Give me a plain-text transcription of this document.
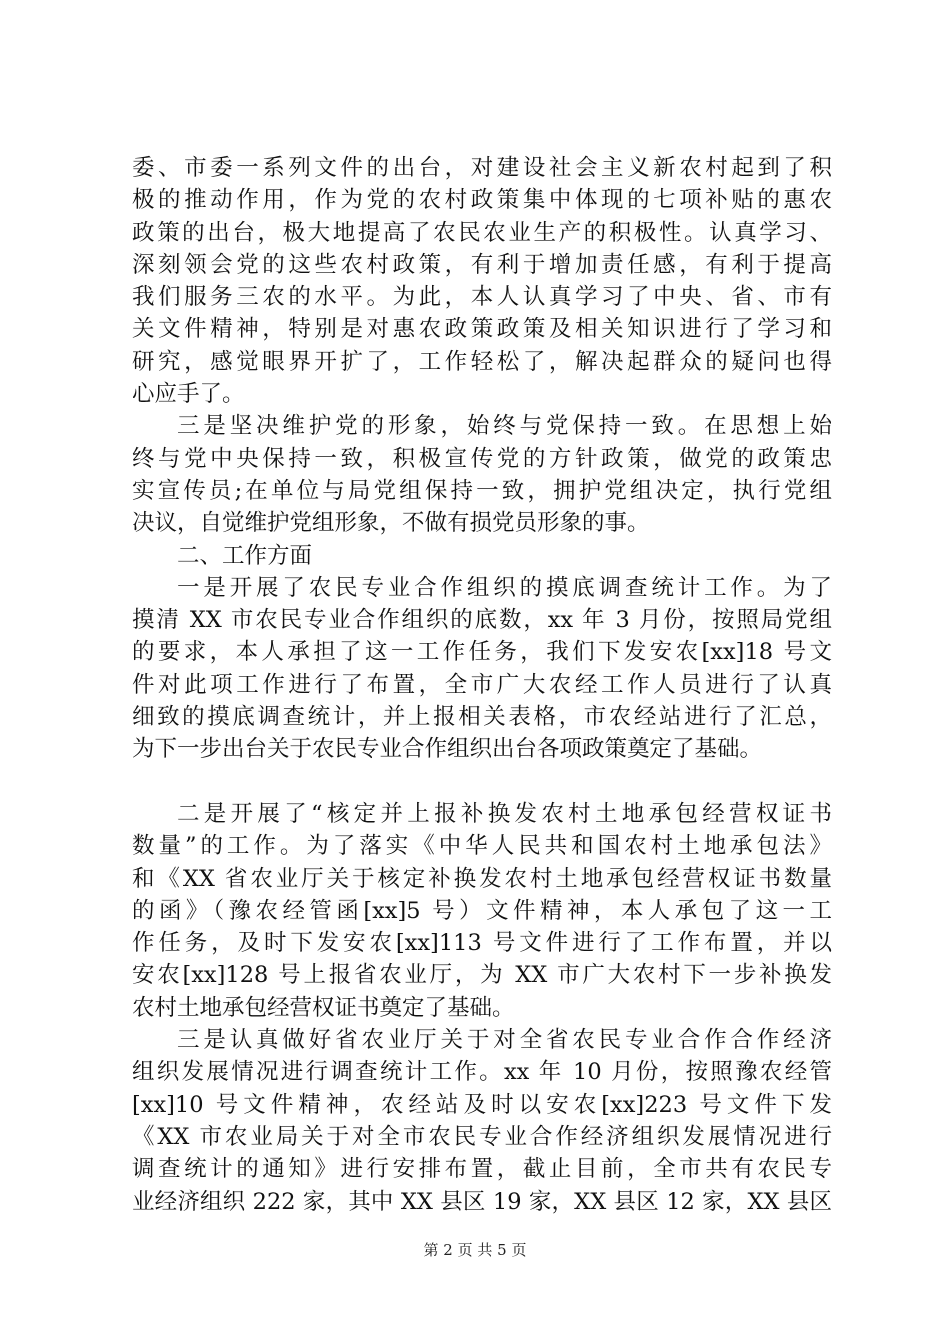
委、市委一系列文件的出台，对建设社会主义新农村起到了积
极的推动作用，作为党的农村政策集中体现的七项补贴的惠农
政策的出台，极大地提高了农民农业生产的积极性。认真学习、
深刻领会党的这些农村政策，有利于增加责任感，有利于提高
我们服务三农的水平。为此，本人认真学习了中央、省、市有
关文件精神，特别是对惠农政策政策及相关知识进行了学习和
研究，感觉眼界开扩了，工作轻松了，解决起群众的疑问也得
心应手了。
三是坚决维护党的形象，始终与党保持一致。在思想上始
终与党中央保持一致，积极宣传党的方针政策，做党的政策忠
实宣传员;在单位与局党组保持一致，拥护党组决定，执行党组
决议，自觉维护党组形象，不做有损党员形象的事。
二、工作方面
一是开展了农民专业合作组织的摸底调查统计工作。为了
摸清 XX 市农民专业合作组织的底数，xx 年 3 月份，按照局党组
的要求，本人承担了这一工作任务，我们下发安农[xx]18 号文
件对此项工作进行了布置，全市广大农经工作人员进行了认真
细致的摸底调查统计，并上报相关表格，市农经站进行了汇总，
为下一步出台关于农民专业合作组织出台各项政策奠定了基础。
二是开展了“核定并上报补换发农村土地承包经营权证书
数量”的工作。为了落实《中华人民共和国农村土地承包法》
和《XX 省农业厅关于核定补换发农村土地承包经营权证书数量
的函》（豫农经管函[xx]5 号）文件精神，本人承包了这一工
作任务，及时下发安农[xx]113 号文件进行了工作布置，并以
安农[xx]128 号上报省农业厅，为 XX 市广大农村下一步补换发
农村土地承包经营权证书奠定了基础。
三是认真做好省农业厅关于对全省农民专业合作合作经济
组织发展情况进行调查统计工作。xx 年 10 月份，按照豫农经管
[xx]10 号文件精神，农经站及时以安农[xx]223 号文件下发
《XX 市农业局关于对全市农民专业合作经济组织发展情况进行
调查统计的通知》进行安排布置，截止目前，全市共有农民专
业经济组织 222 家，其中 XX 县区 19 家，XX 县区 12 家，XX 县区
第 2 页 共 5 页
